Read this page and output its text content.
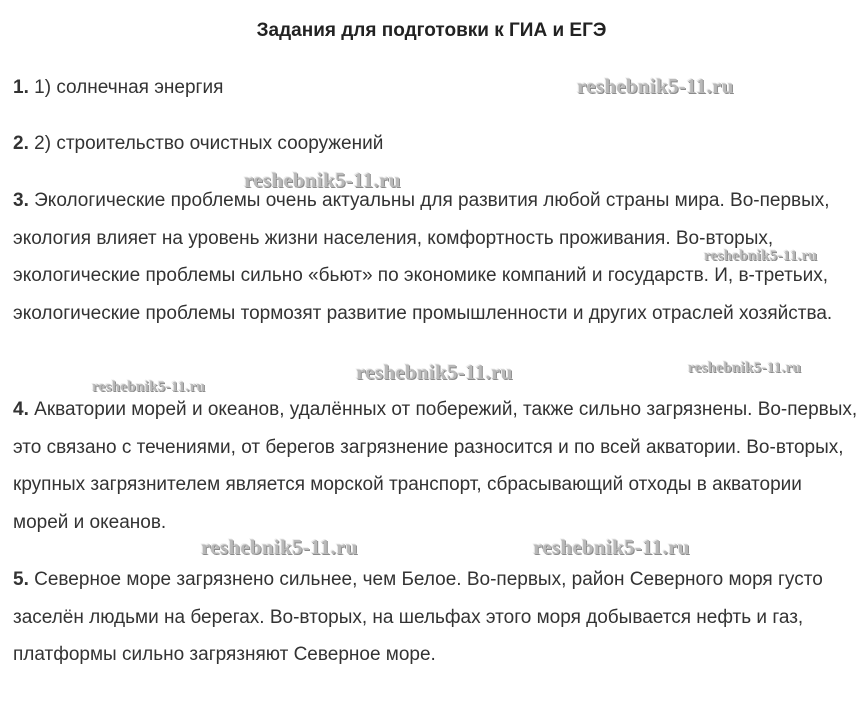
Задания для подготовки к ГИА и ЕГЭ

1. 1) солнечная энергия

2. 2) строительство очистных сооружений

3. Экологические проблемы очень актуальны для развития любой страны мира. Во-первых, экология влияет на уровень жизни населения, комфортность проживания. Во-вторых, экологические проблемы сильно «бьют» по экономике компаний и государств. И, в-третьих, экологические проблемы тормозят развитие промышленности и других отраслей хозяйства.

4. Акватории морей и океанов, удалённых от побережий, также сильно загрязнены. Во-первых, это связано с течениями, от берегов загрязнение разносится и по всей акватории. Во-вторых, крупных загрязнителем является морской транспорт, сбрасывающий отходы в акватории морей и океанов.

5. Северное море загрязнено сильнее, чем Белое. Во-первых, район Северного моря густо заселён людьми на берегах. Во-вторых, на шельфах этого моря добывается нефть и газ, платформы сильно загрязняют Северное море.

reshebnik5-11.ru
reshebnik5-11.ru
reshebnik5-11.ru
reshebnik5-11.ru	reshebnik5-11.ru
reshebnik5-11.ru
reshebnik5-11.ru	reshebnik5-11.ru
